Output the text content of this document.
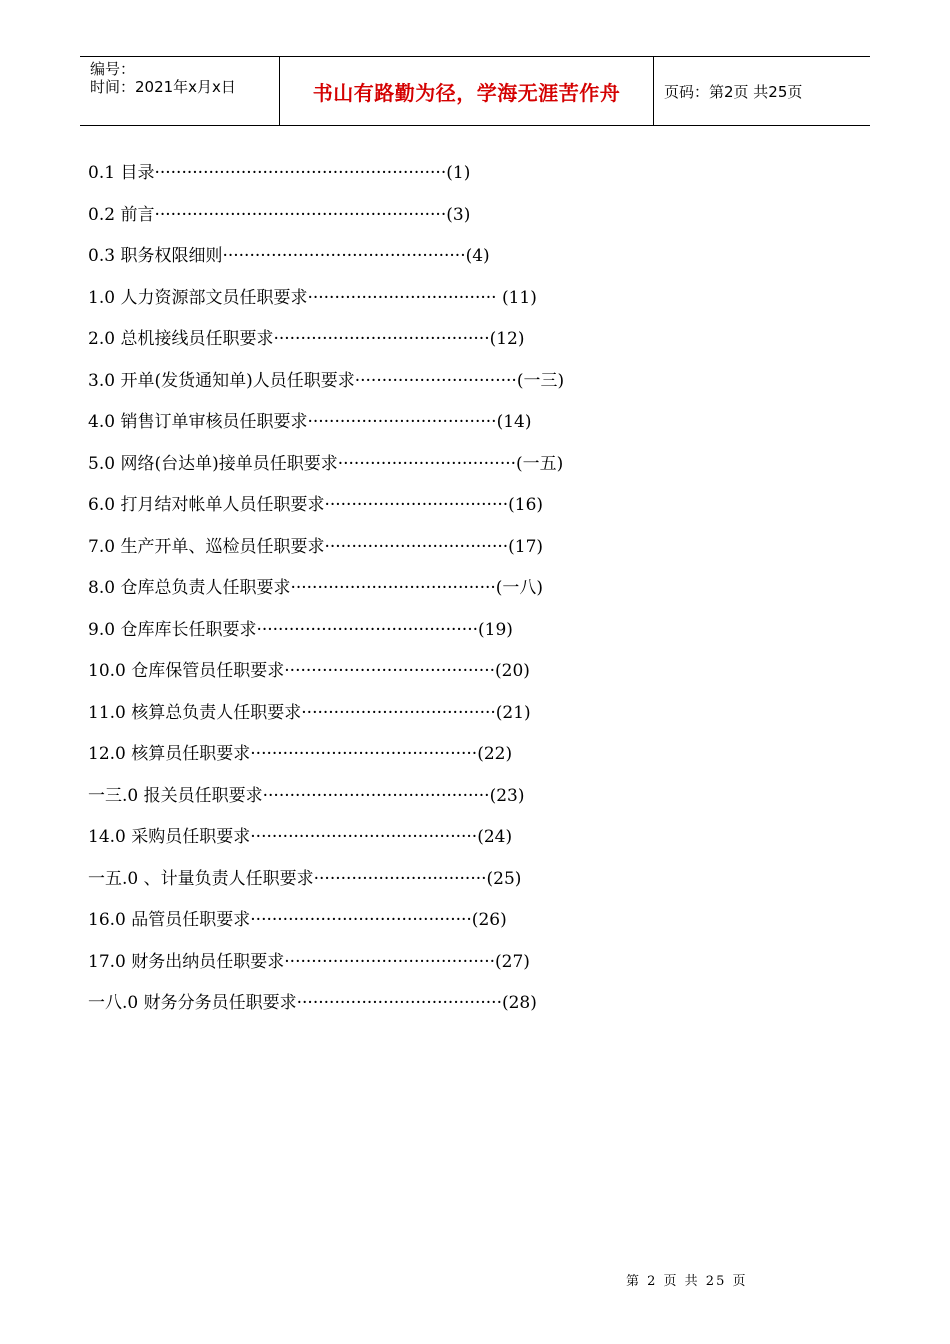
编号：
时间：2021年x月x日	书山有路勤为径，学海无涯苦作舟	页码：第2页 共25页
0.1 目录······················································(1)
0.2 前言······················································(3)
0.3 职务权限细则·············································(4)
1.0 人力资源部文员任职要求··································· (11)
2.0 总机接线员任职要求········································(12)
3.0 开单(发货通知单)人员任职要求······························(一三)
4.0 销售订单审核员任职要求···································(14)
5.0 网络(台达单)接单员任职要求·································(一五)
6.0 打月结对帐单人员任职要求··································(16)
7.0 生产开单、巡检员任职要求··································(17)
8.0 仓库总负责人任职要求······································(一八)
9.0 仓库库长任职要求·········································(19)
10.0 仓库保管员任职要求·······································(20)
11.0 核算总负责人任职要求····································(21)
12.0 核算员任职要求··········································(22)
一三.0 报关员任职要求··········································(23)
14.0 采购员任职要求··········································(24)
一五.0 、计量负责人任职要求································(25)
16.0 品管员任职要求·········································(26)
17.0 财务出纳员任职要求·······································(27)
一八.0 财务分务员任职要求······································(28)
第 2 页 共 25 页
